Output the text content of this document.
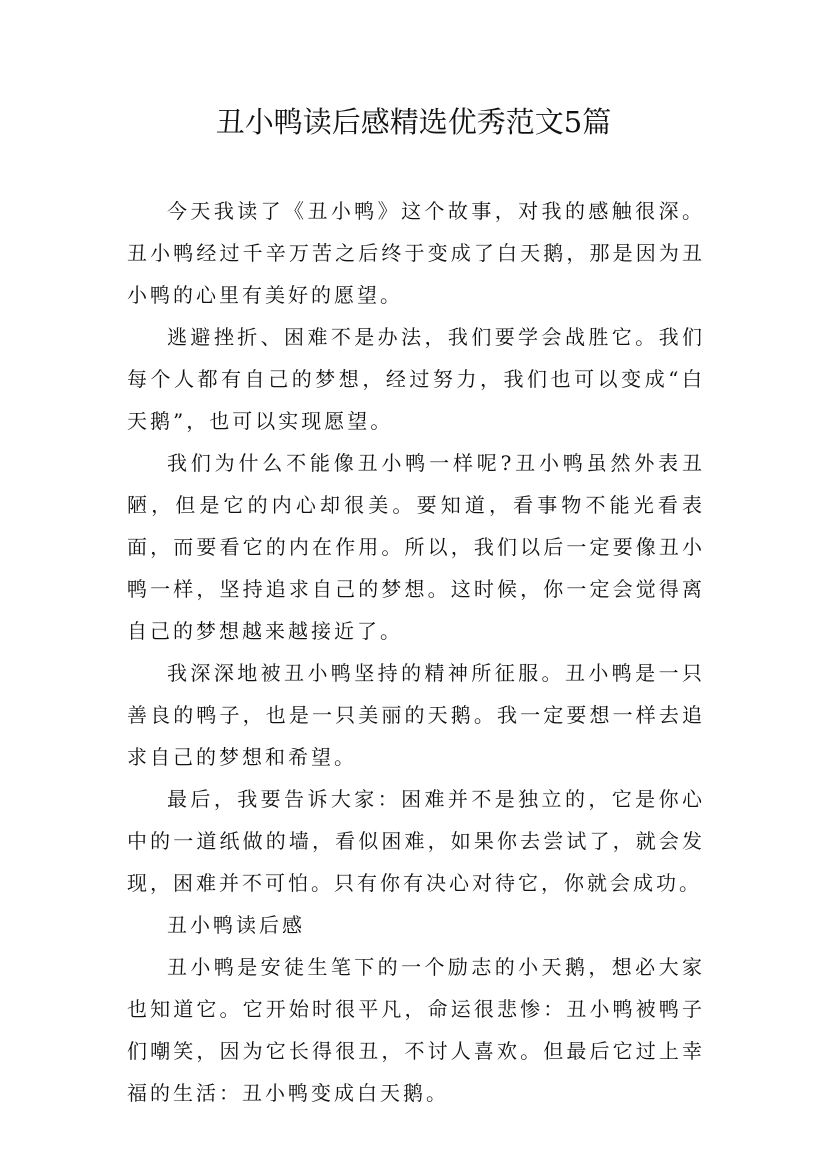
丑小鸭读后感精选优秀范文5篇

今天我读了《丑小鸭》这个故事，对我的感触很深。丑小鸭经过千辛万苦之后终于变成了白天鹅，那是因为丑小鸭的心里有美好的愿望。

逃避挫折、困难不是办法，我们要学会战胜它。我们每个人都有自己的梦想，经过努力，我们也可以变成“白天鹅”，也可以实现愿望。

我们为什么不能像丑小鸭一样呢?丑小鸭虽然外表丑陋，但是它的内心却很美。要知道，看事物不能光看表面，而要看它的内在作用。所以，我们以后一定要像丑小鸭一样，坚持追求自己的梦想。这时候，你一定会觉得离自己的梦想越来越接近了。

我深深地被丑小鸭坚持的精神所征服。丑小鸭是一只善良的鸭子，也是一只美丽的天鹅。我一定要想一样去追求自己的梦想和希望。

最后，我要告诉大家：困难并不是独立的，它是你心中的一道纸做的墙，看似困难，如果你去尝试了，就会发现，困难并不可怕。只有你有决心对待它，你就会成功。

丑小鸭读后感

丑小鸭是安徒生笔下的一个励志的小天鹅，想必大家也知道它。它开始时很平凡，命运很悲惨：丑小鸭被鸭子们嘲笑，因为它长得很丑，不讨人喜欢。但最后它过上幸福的生活：丑小鸭变成白天鹅。
